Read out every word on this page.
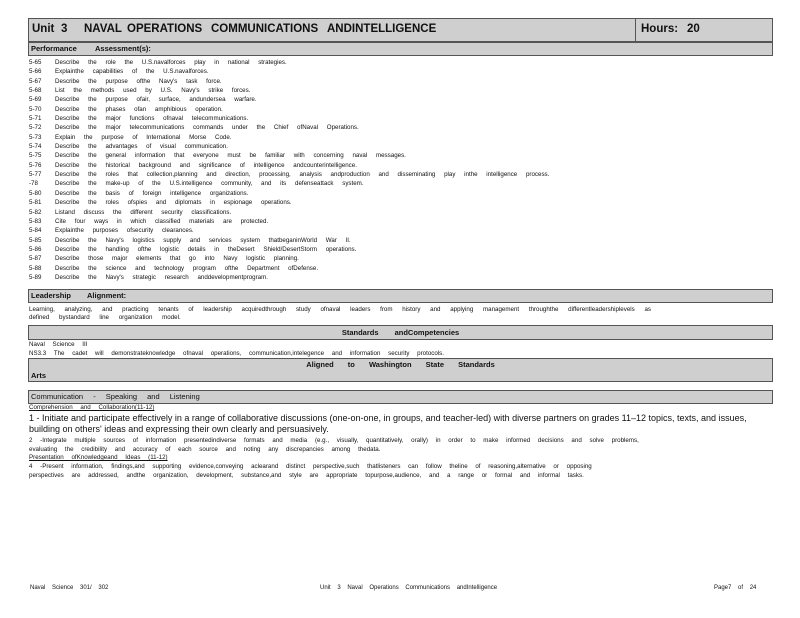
Unit 3 NAVAL OPERATIONS COMMUNICATIONS ANDINTELLIGENCE	Hours: 20
Performance Assessment(s):
5-65 Describe the role the U.S.navalforces play in national strategies.
5-66 Explainthe capabilities of the U.S.navalforces.
5-67 Describe the purpose ofthe Navy's task force.
5-68 List the methods used by U.S. Navy's strike forces.
5-69 Describe the purpose ofair, surface, andundersea warfare.
5-70 Describe the phases ofan amphibious operation.
5-71 Describe the major functions ofnaval telecommunications.
5-72 Describe the major telecommunications commands under the Chief ofNaval Operations.
5-73 Explain the purpose of International Morse Code.
5-74 Describe the advantages of visual communication.
5-75 Describe the general information that everyone must be familiar with concerning naval messages.
5-76 Describe the historical background and significance of intelligence andcounterintelligence.
5-77 Describe the roles that collection,planning and direction, processing, analysis andproduction and disseminating play inthe intelligence process.
-78	Describe the make-up of the U.S.intelligence community, and its defenseattack system.
5-80 Describe the basis of foreign intelligence organizations.
5-81 Describe the roles ofspies and diplomats in espionage operations.
5-82 Listand discuss the different security classifications.
5-83 Cite four ways in which classified materials are protected.
5-84 Explainthe purposes ofsecurity clearances.
5-85 Describe the Navy's logistics supply and services system thatbeganinWorld War II.
5-86 Describe the handling ofthe logistic details in theDesert Shield/DesertStorm operations.
5-87 Describe those major elements that go into Navy logistic planning.
5-88 Describe the science and technology program ofthe Department ofDefense.
5-89 Describe the Navy's strategic research anddevelopmentprogram.
Leadership Alignment:
Learning, analyzing, and practicing tenants of leadership acquiredthrough study ofnaval leaders from history and applying management throughthe differentleadershiplevels as
defined bystandard line organization model.
Standards andCompetencies
Naval Science III
NS3.3 The cadet will demonstrateknowledge ofnaval operations, communication,intelegence and information security protocols.
Aligned to Washington State Standards
Arts
Communication - Speaking and Listening
Comprehension and Collaboration(11-12)
1 - Initiate and participate effectively in a range of collaborative discussions (one-on-one, in groups, and teacher-led) with diverse partners on grades 11–12 topics, texts, and issues, building on others' ideas and expressing their own clearly and persuasively.
2 -Integrate multiple sources of information presentedindiverse formats and media (e.g., visually, quantitatively, orally) in order to make informed decisions and solve problems,
evaluating the credibility and accuracy of each source and noting any discrepancies among thedata.
Presentation ofKnowledgeand Ideas (11-12)
4 -Present information, findings,and supporting evidence,conveying aclearand distinct perspective,such thatlisteners can follow theline of reasoning,alternative or opposing
perspectives are addressed, andthe organization, development, substance,and style are appropriate topurpose,audience, and a range or formal and informal tasks.
Naval Science 301/ 302	Unit 3 Naval Operations Communications andIntelligence	Page7 of 24
